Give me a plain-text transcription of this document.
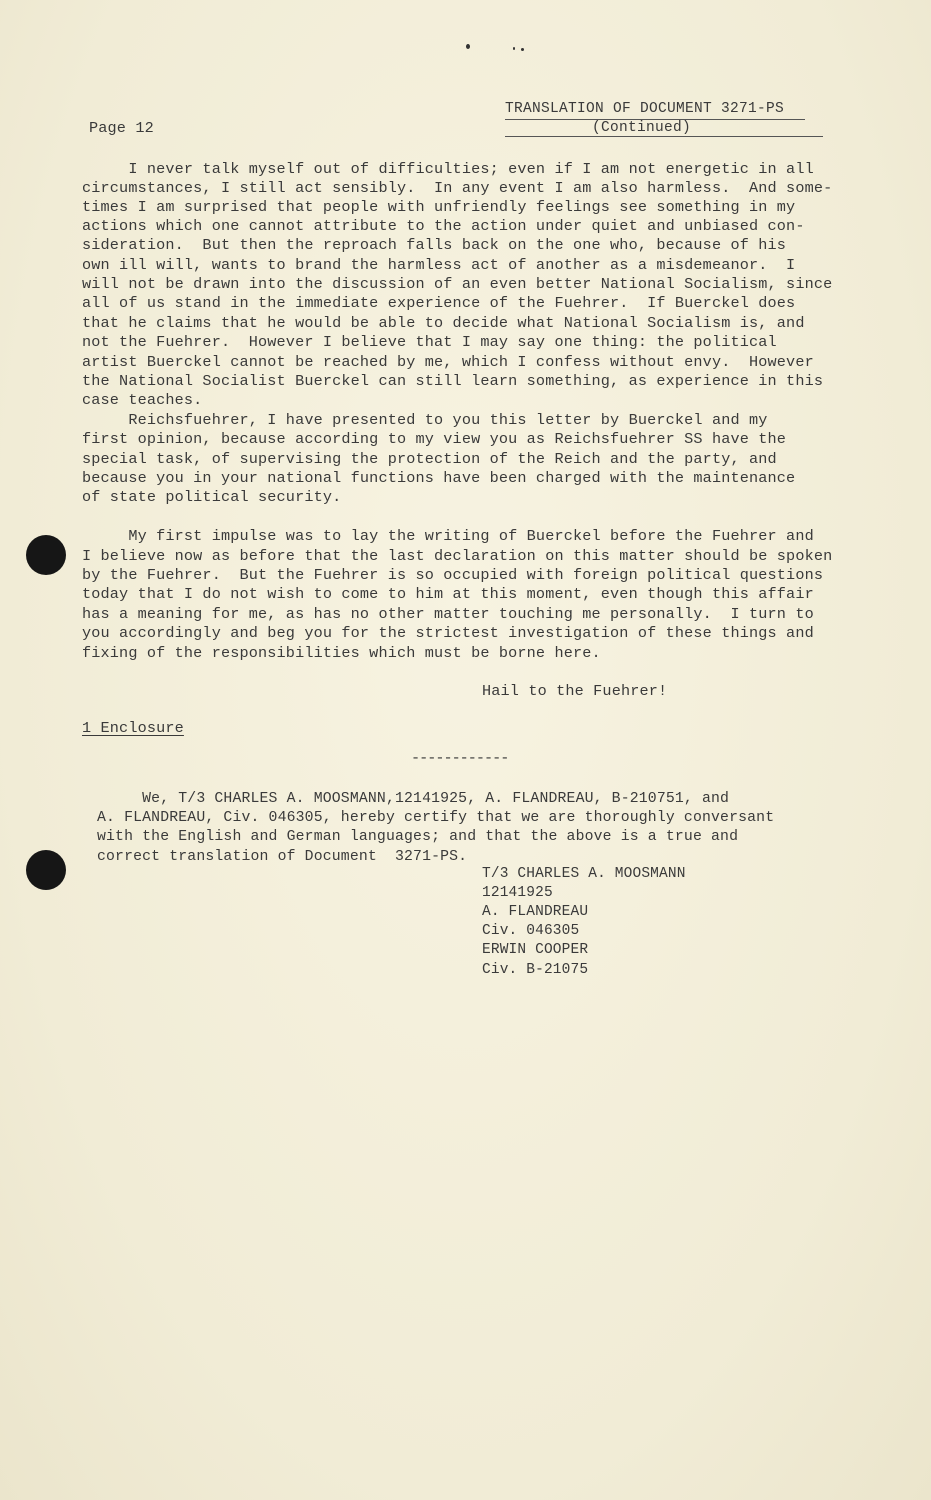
TRANSLATION OF DOCUMENT 3271-PS
Page 12	(Continued)
I never talk myself out of difficulties; even if I am not energetic in all
circumstances, I still act sensibly.  In any event I am also harmless.  And some-
times I am surprised that people with unfriendly feelings see something in my
actions which one cannot attribute to the action under quiet and unbiased con-
sideration.  But then the reproach falls back on the one who, because of his
own ill will, wants to brand the harmless act of another as a misdemeanor.  I
will not be drawn into the discussion of an even better National Socialism, since
all of us stand in the immediate experience of the Fuehrer.  If Buerckel does
that he claims that he would be able to decide what National Socialism is, and
not the Fuehrer.  However I believe that I may say one thing: the political
artist Buerckel cannot be reached by me, which I confess without envy.  However
the National Socialist Buerckel can still learn something, as experience in this
case teaches.
Reichsfuehrer, I have presented to you this letter by Buerckel and my
first opinion, because according to my view you as Reichsfuehrer SS have the
special task, of supervising the protection of the Reich and the party, and
because you in your national functions have been charged with the maintenance
of state political security.
My first impulse was to lay the writing of Buerckel before the Fuehrer and
I believe now as before that the last declaration on this matter should be spoken
by the Fuehrer.  But the Fuehrer is so occupied with foreign political questions
today that I do not wish to come to him at this moment, even though this affair
has a meaning for me, as has no other matter touching me personally.  I turn to
you accordingly and beg you for the strictest investigation of these things and
fixing of the responsibilities which must be borne here.
Hail to the Fuehrer!
1 Enclosure
------------
We, T/3 CHARLES A. MOOSMANN,12141925, A. FLANDREAU, B-210751, and
A. FLANDREAU, Civ. 046305, hereby certify that we are thoroughly conversant
with the English and German languages; and that the above is a true and
correct translation of Document  3271-PS.
T/3 CHARLES A. MOOSMANN
12141925
A. FLANDREAU
Civ. 046305
ERWIN COOPER
Civ. B-21075
